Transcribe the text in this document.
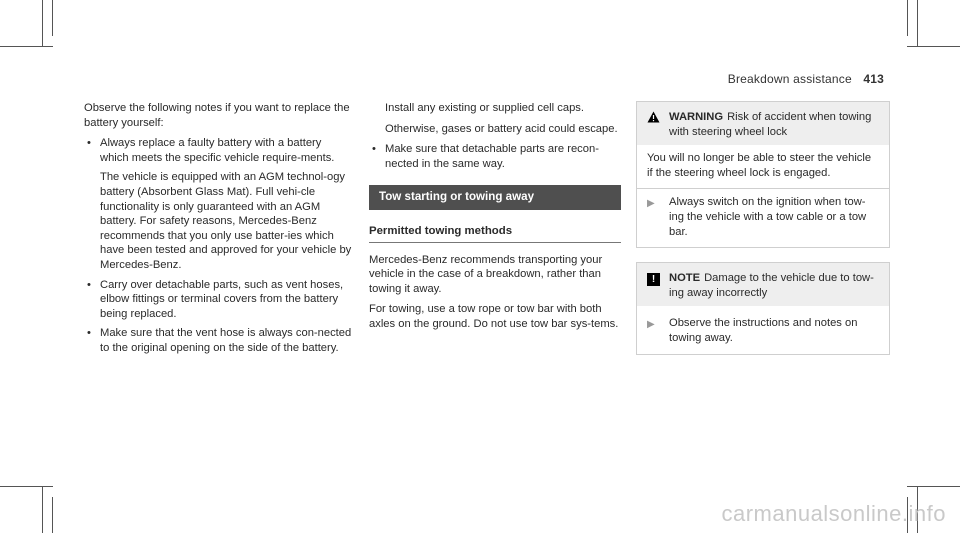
Breakdown assistance 413

Observe the following notes if you want to replace the battery yourself:

• Always replace a faulty battery with a battery which meets the specific vehicle require-ments.

The vehicle is equipped with an AGM technol-ogy battery (Absorbent Glass Mat). Full vehi-cle functionality is only guaranteed with an AGM battery. For safety reasons, Mercedes-Benz recommends that you only use batter-ies which have been tested and approved for your vehicle by Mercedes-Benz.

• Carry over detachable parts, such as vent hoses, elbow fittings or terminal covers from the battery being replaced.

• Make sure that the vent hose is always con-nected to the original opening on the side of the battery.

Install any existing or supplied cell caps.

Otherwise, gases or battery acid could escape.

• Make sure that detachable parts are recon-nected in the same way.

Tow starting or towing away
Permitted towing methods

Mercedes-Benz recommends transporting your vehicle in the case of a breakdown, rather than towing it away.

For towing, use a tow rope or tow bar with both axles on the ground. Do not use tow bar sys-tems.

WARNING Risk of accident when towing with steering wheel lock

You will no longer be able to steer the vehicle if the steering wheel lock is engaged.

▶	Always switch on the ignition when tow-ing the vehicle with a tow cable or a tow bar.
!	NOTE Damage to the vehicle due to tow-ing away incorrectly
▶	Observe the instructions and notes on towing away.
carmanualsonline.info
